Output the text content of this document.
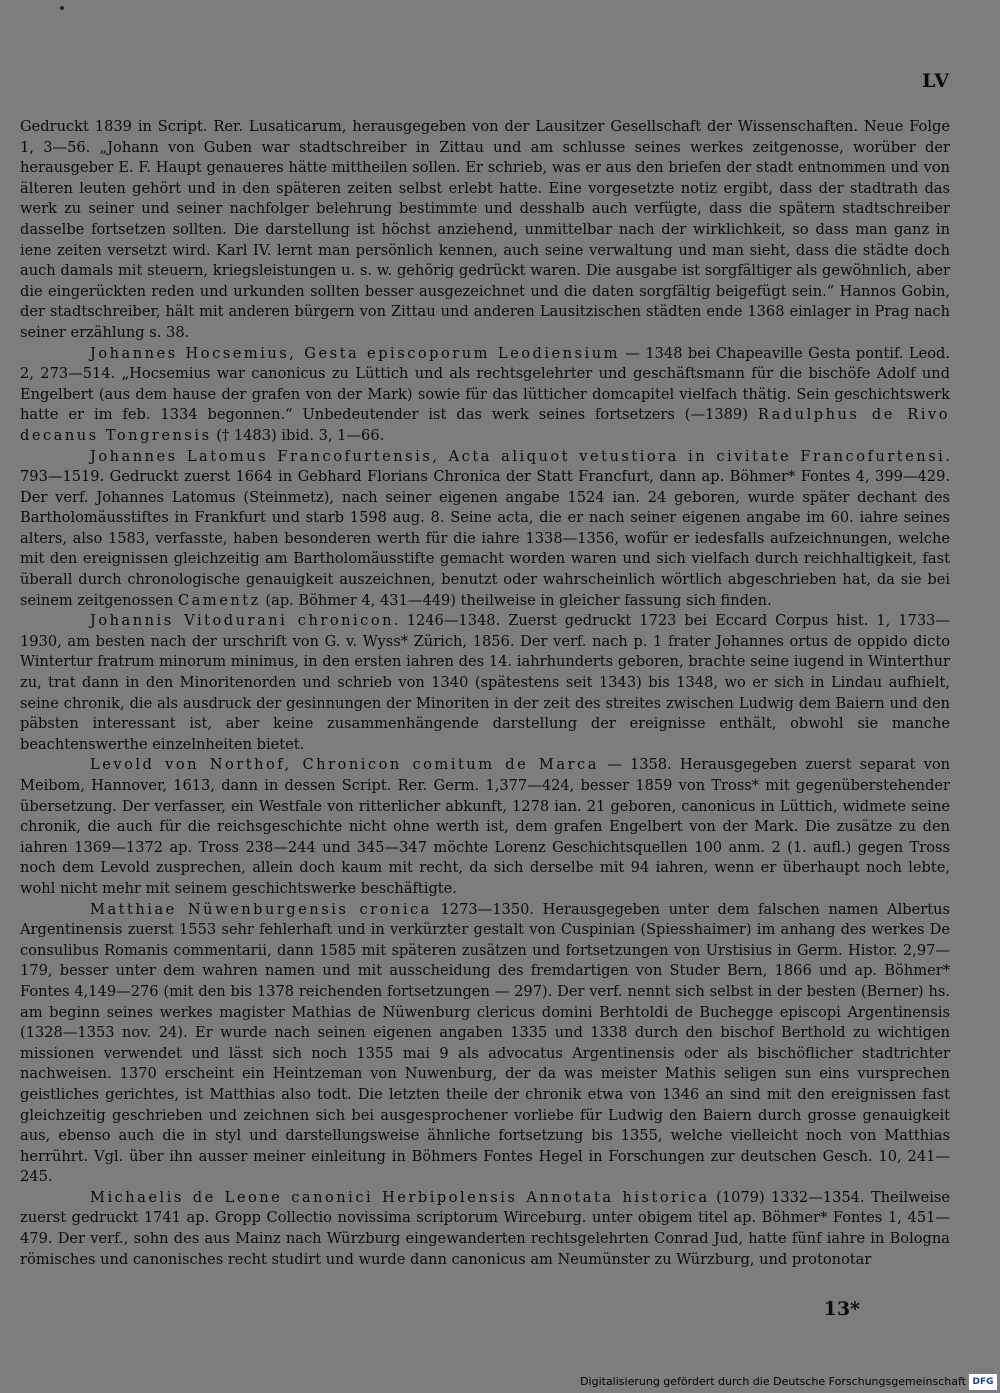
LV

Gedruckt 1839 in Script. Rer. Lusaticarum, herausgegeben von der Lausitzer Gesellschaft der Wissenschaften. Neue Folge 1, 3—56. „Johann von Guben war stadtschreiber in Zittau und am schlusse seines werkes zeitgenosse, worüber der herausgeber E. F. Haupt genaueres hätte mittheilen sollen. Er schrieb, was er aus den briefen der stadt entnommen und von älteren leuten gehört und in den späteren zeiten selbst erlebt hatte. Eine vorgesetzte notiz ergibt, dass der stadtrath das werk zu seiner und seiner nachfolger belehrung bestimmte und desshalb auch verfügte, dass die spätern stadtschreiber dasselbe fortsetzen sollten. Die darstellung ist höchst anziehend, unmittelbar nach der wirklichkeit, so dass man ganz in iene zeiten versetzt wird. Karl IV. lernt man persönlich kennen, auch seine verwaltung und man sieht, dass die städte doch auch damals mit steuern, kriegsleistungen u. s. w. gehörig gedrückt waren. Die ausgabe ist sorgfältiger als gewöhnlich, aber die eingerückten reden und urkunden sollten besser ausgezeichnet und die daten sorgfältig beigefügt sein.“ Hannos Gobin, der stadtschreiber, hält mit anderen bürgern von Zittau und anderen Lausitzischen städten ende 1368 einlager in Prag nach seiner erzählung s. 38.

Johannes Hocsemius, Gesta episcoporum Leodiensium — 1348 bei Chapeaville Gesta pontif. Leod. 2, 273—514. „Hocsemius war canonicus zu Lüttich und als rechtsgelehrter und geschäftsmann für die bischöfe Adolf und Engelbert (aus dem hause der grafen von der Mark) sowie für das lütticher domcapitel vielfach thätig. Sein geschichtswerk hatte er im feb. 1334 begonnen.“ Unbedeutender ist das werk seines fortsetzers (—1389) Radulphus de Rivo decanus Tongrensis († 1483) ibid. 3, 1—66.

Johannes Latomus Francofurtensis, Acta aliquot vetustiora in civitate Francofurtensi. 793—1519. Gedruckt zuerst 1664 in Gebhard Florians Chronica der Statt Francfurt, dann ap. Böhmer* Fontes 4, 399—429. Der verf. Johannes Latomus (Steinmetz), nach seiner eigenen angabe 1524 ian. 24 geboren, wurde später dechant des Bartholomäusstiftes in Frankfurt und starb 1598 aug. 8. Seine acta, die er nach seiner eigenen angabe im 60. iahre seines alters, also 1583, verfasste, haben besonderen werth für die iahre 1338—1356, wofür er iedesfalls aufzeichnungen, welche mit den ereignissen gleichzeitig am Bartholomäusstifte gemacht worden waren und sich vielfach durch reichhaltigkeit, fast überall durch chronologische genauigkeit auszeichnen, benutzt oder wahrscheinlich wörtlich abgeschrieben hat, da sie bei seinem zeitgenossen Camentz (ap. Böhmer 4, 431—449) theilweise in gleicher fassung sich finden.

Johannis Vitodurani chronicon. 1246—1348. Zuerst gedruckt 1723 bei Eccard Corpus hist. 1, 1733—1930, am besten nach der urschrift von G. v. Wyss* Zürich, 1856. Der verf. nach p. 1 frater Johannes ortus de oppido dicto Wintertur fratrum minorum minimus, in den ersten iahren des 14. iahrhunderts geboren, brachte seine iugend in Winterthur zu, trat dann in den Minoritenorden und schrieb von 1340 (spätestens seit 1343) bis 1348, wo er sich in Lindau aufhielt, seine chronik, die als ausdruck der gesinnungen der Minoriten in der zeit des streites zwischen Ludwig dem Baiern und den päbsten interessant ist, aber keine zusammenhängende darstellung der ereignisse enthält, obwohl sie manche beachtenswerthe einzelnheiten bietet.

Levold von Northof, Chronicon comitum de Marca — 1358. Herausgegeben zuerst separat von Meibom, Hannover, 1613, dann in dessen Script. Rer. Germ. 1,377—424, besser 1859 von Tross* mit gegenüberstehender übersetzung. Der verfasser, ein Westfale von ritterlicher abkunft, 1278 ian. 21 geboren, canonicus in Lüttich, widmete seine chronik, die auch für die reichsgeschichte nicht ohne werth ist, dem grafen Engelbert von der Mark. Die zusätze zu den iahren 1369—1372 ap. Tross 238—244 und 345—347 möchte Lorenz Geschichtsquellen 100 anm. 2 (1. aufl.) gegen Tross noch dem Levold zusprechen, allein doch kaum mit recht, da sich derselbe mit 94 iahren, wenn er überhaupt noch lebte, wohl nicht mehr mit seinem geschichtswerke beschäftigte.

Matthiae Nüwenburgensis cronica 1273—1350. Herausgegeben unter dem falschen namen Albertus Argentinensis zuerst 1553 sehr fehlerhaft und in verkürzter gestalt von Cuspinian (Spiesshaimer) im anhang des werkes De consulibus Romanis commentarii, dann 1585 mit späteren zusätzen und fortsetzungen von Urstisius in Germ. Histor. 2,97—179, besser unter dem wahren namen und mit ausscheidung des fremdartigen von Studer Bern, 1866 und ap. Böhmer* Fontes 4,149—276 (mit den bis 1378 reichenden fortsetzungen — 297). Der verf. nennt sich selbst in der besten (Berner) hs. am beginn seines werkes magister Mathias de Nüwenburg clericus domini Berhtoldi de Buchegge episcopi Argentinensis (1328—1353 nov. 24). Er wurde nach seinen eigenen angaben 1335 und 1338 durch den bischof Berthold zu wichtigen missionen verwendet und lässt sich noch 1355 mai 9 als advocatus Argentinensis oder als bischöflicher stadtrichter nachweisen. 1370 erscheint ein Heintzeman von Nuwenburg, der da was meister Mathis seligen sun eins vursprechen geistliches gerichtes, ist Matthias also todt. Die letzten theile der chronik etwa von 1346 an sind mit den ereignissen fast gleichzeitig geschrieben und zeichnen sich bei ausgesprochener vorliebe für Ludwig den Baiern durch grosse genauigkeit aus, ebenso auch die in styl und darstellungsweise ähnliche fortsetzung bis 1355, welche vielleicht noch von Matthias herrührt. Vgl. über ihn ausser meiner einleitung in Böhmers Fontes Hegel in Forschungen zur deutschen Gesch. 10, 241—245.

Michaelis de Leone canonici Herbipolensis Annotata historica (1079) 1332—1354. Theilweise zuerst gedruckt 1741 ap. Gropp Collectio novissima scriptorum Wirceburg. unter obigem titel ap. Böhmer* Fontes 1, 451—479. Der verf., sohn des aus Mainz nach Würzburg eingewanderten rechtsgelehrten Conrad Jud, hatte fünf iahre in Bologna römisches und canonisches recht studirt und wurde dann canonicus am Neumünster zu Würzburg, und protonotar

13*
Digitalisierung gefördert durch die Deutsche Forschungsgemeinschaft DFG
